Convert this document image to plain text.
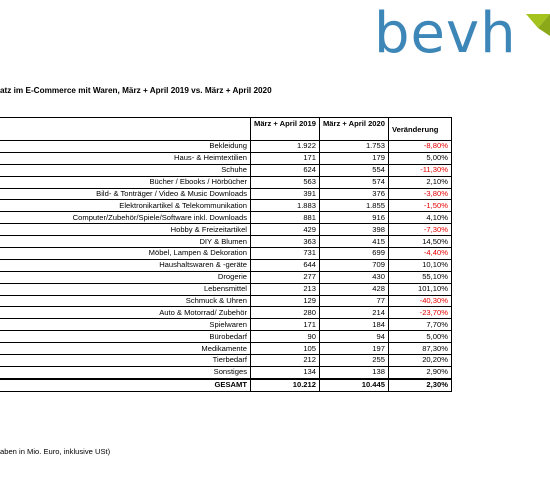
bevh
atz im E-Commerce mit Waren, März + April 2019 vs. März + April 2020
	März + April 2019	März + April 2020	Veränderung
Bekleidung	1.922	1.753	-8,80%
Haus- & Heimtextilien	171	179	5,00%
Schuhe	624	554	-11,30%
Bücher / Ebooks / Hörbücher	563	574	2,10%
Bild- & Tonträger / Video & Music Downloads	391	376	-3,80%
Elektronikartikel & Telekommunikation	1.883	1.855	-1,50%
Computer/Zubehör/Spiele/Software inkl. Downloads	881	916	4,10%
Hobby & Freizeitartikel	429	398	-7,30%
DIY & Blumen	363	415	14,50%
Möbel, Lampen & Dekoration	731	699	-4,40%
Haushaltswaren & -geräte	644	709	10,10%
Drogerie	277	430	55,10%
Lebensmittel	213	428	101,10%
Schmuck & Uhren	129	77	-40,30%
Auto & Motorrad/ Zubehör	280	214	-23,70%
Spielwaren	171	184	7,70%
Bürobedarf	90	94	5,00%
Medikamente	105	197	87,30%
Tierbedarf	212	255	20,20%
Sonstiges	134	138	2,90%
GESAMT	10.212	10.445	2,30%
aben in Mio. Euro, inklusive USt)
